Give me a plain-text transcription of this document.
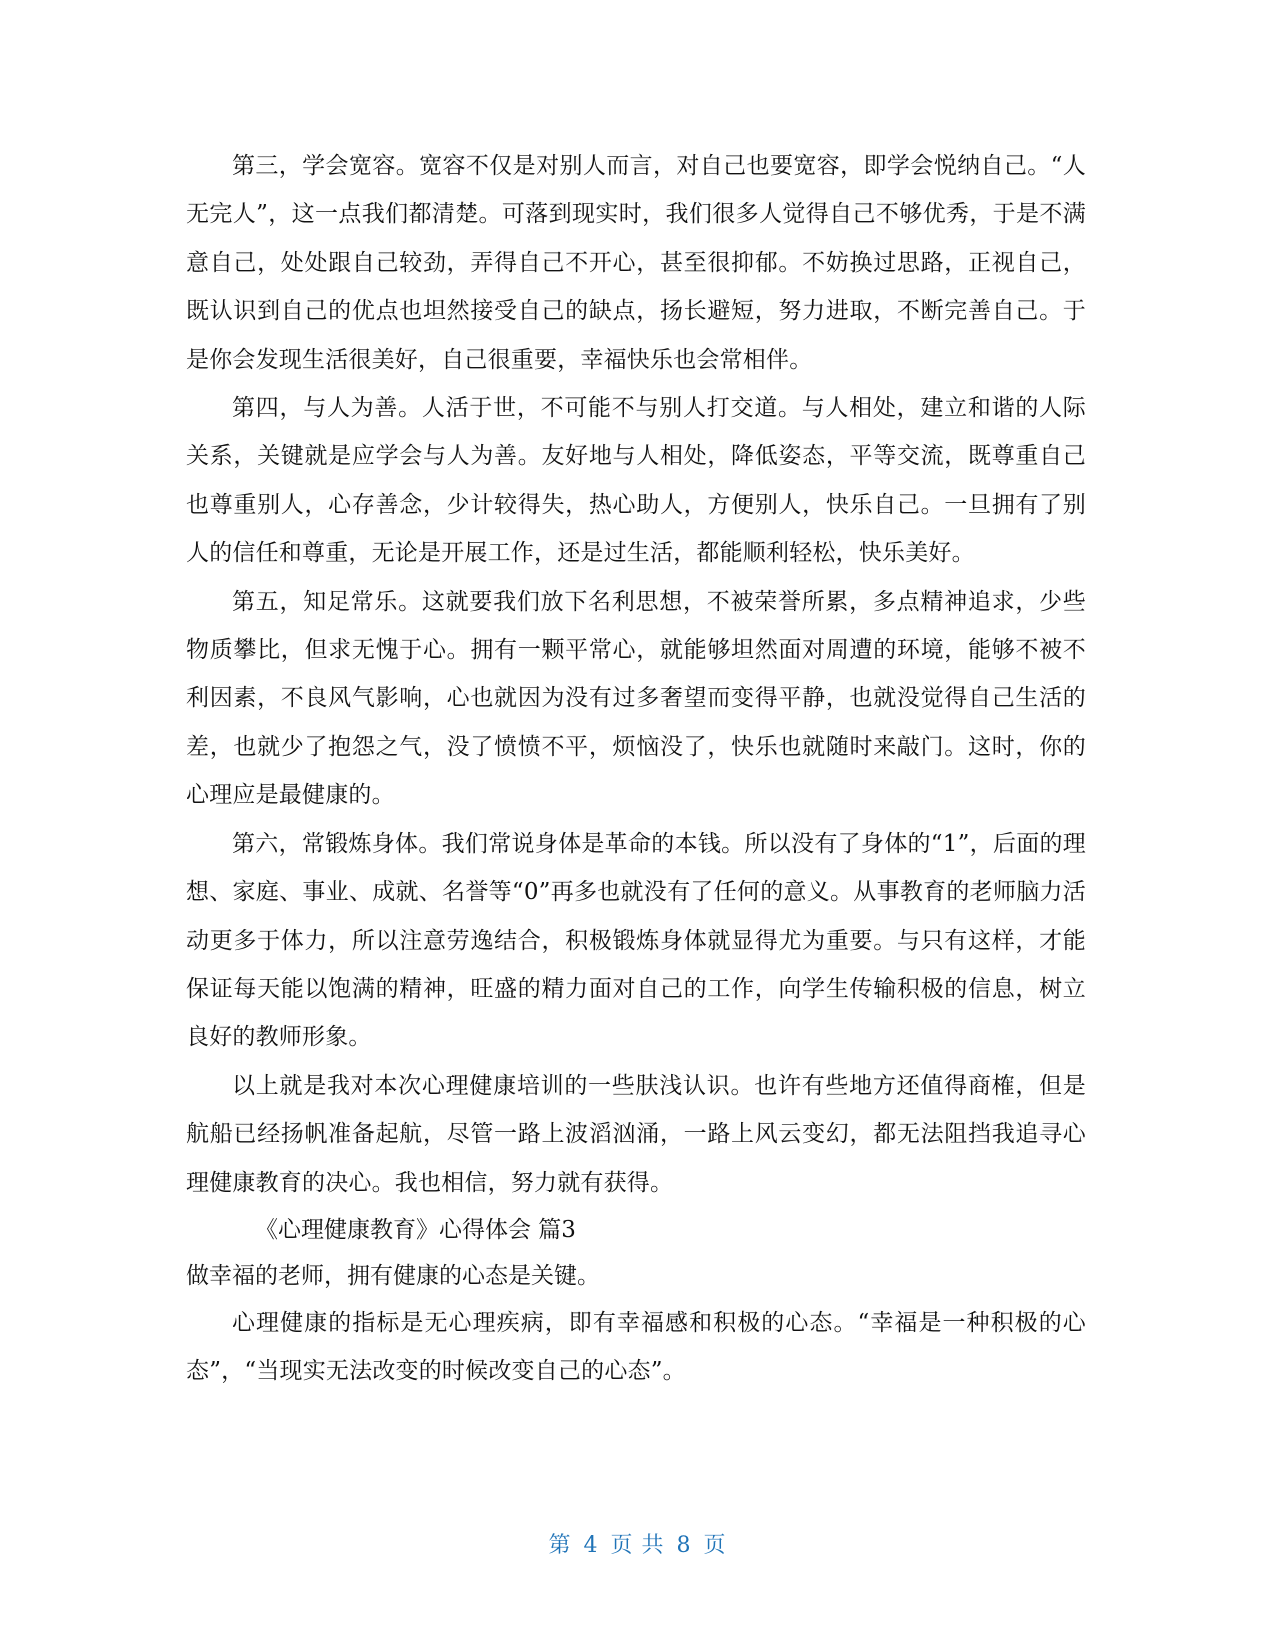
第三，学会宽容。宽容不仅是对别人而言，对自己也要宽容，即学会悦纳自己。“人无完人”，这一点我们都清楚。可落到现实时，我们很多人觉得自己不够优秀，于是不满意自己，处处跟自己较劲，弄得自己不开心，甚至很抑郁。不妨换过思路，正视自己，既认识到自己的优点也坦然接受自己的缺点，扬长避短，努力进取，不断完善自己。于是你会发现生活很美好，自己很重要，幸福快乐也会常相伴。

第四，与人为善。人活于世，不可能不与别人打交道。与人相处，建立和谐的人际关系，关键就是应学会与人为善。友好地与人相处，降低姿态，平等交流，既尊重自己也尊重别人，心存善念，少计较得失，热心助人，方便别人，快乐自己。一旦拥有了别人的信任和尊重，无论是开展工作，还是过生活，都能顺利轻松，快乐美好。

第五，知足常乐。这就要我们放下名利思想，不被荣誉所累，多点精神追求，少些物质攀比，但求无愧于心。拥有一颗平常心，就能够坦然面对周遭的环境，能够不被不利因素，不良风气影响，心也就因为没有过多奢望而变得平静，也就没觉得自己生活的差，也就少了抱怨之气，没了愤愤不平，烦恼没了，快乐也就随时来敲门。这时，你的心理应是最健康的。

第六，常锻炼身体。我们常说身体是革命的本钱。所以没有了身体的“1”，后面的理想、家庭、事业、成就、名誉等“0”再多也就没有了任何的意义。从事教育的老师脑力活动更多于体力，所以注意劳逸结合，积极锻炼身体就显得尤为重要。与只有这样，才能保证每天能以饱满的精神，旺盛的精力面对自己的工作，向学生传输积极的信息，树立良好的教师形象。

以上就是我对本次心理健康培训的一些肤浅认识。也许有些地方还值得商榷，但是航船已经扬帆准备起航，尽管一路上波滔汹涌，一路上风云变幻，都无法阻挡我追寻心理健康教育的决心。我也相信，努力就有获得。

《心理健康教育》心得体会 篇3

做幸福的老师，拥有健康的心态是关键。

心理健康的指标是无心理疾病，即有幸福感和积极的心态。“幸福是一种积极的心态”，“当现实无法改变的时候改变自己的心态”。

第 4 页 共 8 页
